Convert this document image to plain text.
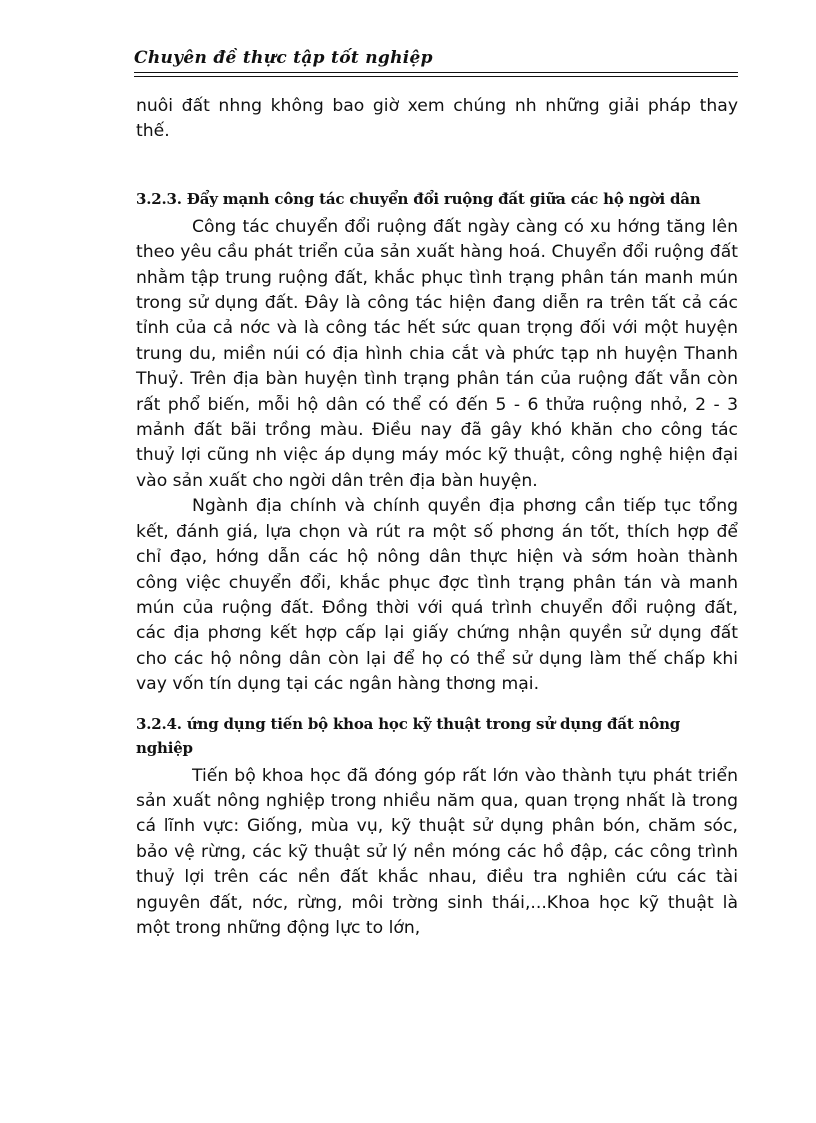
Chuyên đề thực tập tốt nghiệp

nuôi đất nhng không bao giờ xem chúng nh những giải pháp thay thế.

3.2.3. Đẩy mạnh công tác chuyển đổi ruộng đất giữa các hộ ngời dân

Công tác chuyển đổi ruộng đất ngày càng có xu hớng tăng lên theo yêu cầu phát triển của sản xuất hàng hoá. Chuyển đổi ruộng đất nhằm tập trung ruộng đất, khắc phục tình trạng phân tán manh mún trong sử dụng đất. Đây là công tác hiện đang diễn ra trên tất cả các tỉnh của cả nớc và là công tác hết sức quan trọng đối với một huyện trung du, miền núi có địa hình chia cắt và phức tạp nh huyện Thanh Thuỷ. Trên địa bàn huyện tình trạng phân tán của ruộng đất vẫn còn rất phổ biến, mỗi hộ dân có thể có đến 5 - 6 thửa ruộng nhỏ, 2 - 3 mảnh đất bãi trồng màu. Điều nay đã gây khó khăn cho công tác thuỷ lợi cũng nh việc áp dụng máy móc kỹ thuật, công nghệ hiện đại vào sản xuất cho ngời dân trên địa bàn huyện.

Ngành địa chính và chính quyền địa phơng cần tiếp tục tổng kết, đánh giá, lựa chọn và rút ra một số phơng án tốt, thích hợp để chỉ đạo, hớng dẫn các hộ nông dân thực hiện và sớm hoàn thành công việc chuyển đổi, khắc phục đợc tình trạng phân tán và manh mún của ruộng đất. Đồng thời với quá trình chuyển đổi ruộng đất, các địa phơng kết hợp cấp lại giấy chứng nhận quyền sử dụng đất cho các hộ nông dân còn lại để họ có thể sử dụng làm thế chấp khi vay vốn tín dụng tại các ngân hàng thơng mại.

3.2.4. ứng dụng tiến bộ khoa học kỹ thuật trong sử dụng đất nông nghiệp

Tiến bộ khoa học đã đóng góp rất lớn vào thành tựu phát triển sản xuất nông nghiệp trong nhiều năm qua, quan trọng nhất là trong cá lĩnh vực: Giống, mùa vụ, kỹ thuật sử dụng phân bón, chăm sóc, bảo vệ rừng, các kỹ thuật sử lý nền móng các hồ đập, các công trình thuỷ lợi trên các nền đất khắc nhau, điều tra nghiên cứu các tài nguyên đất, nớc, rừng, môi trờng sinh thái,...Khoa học kỹ thuật là một trong những động lực to lớn,
